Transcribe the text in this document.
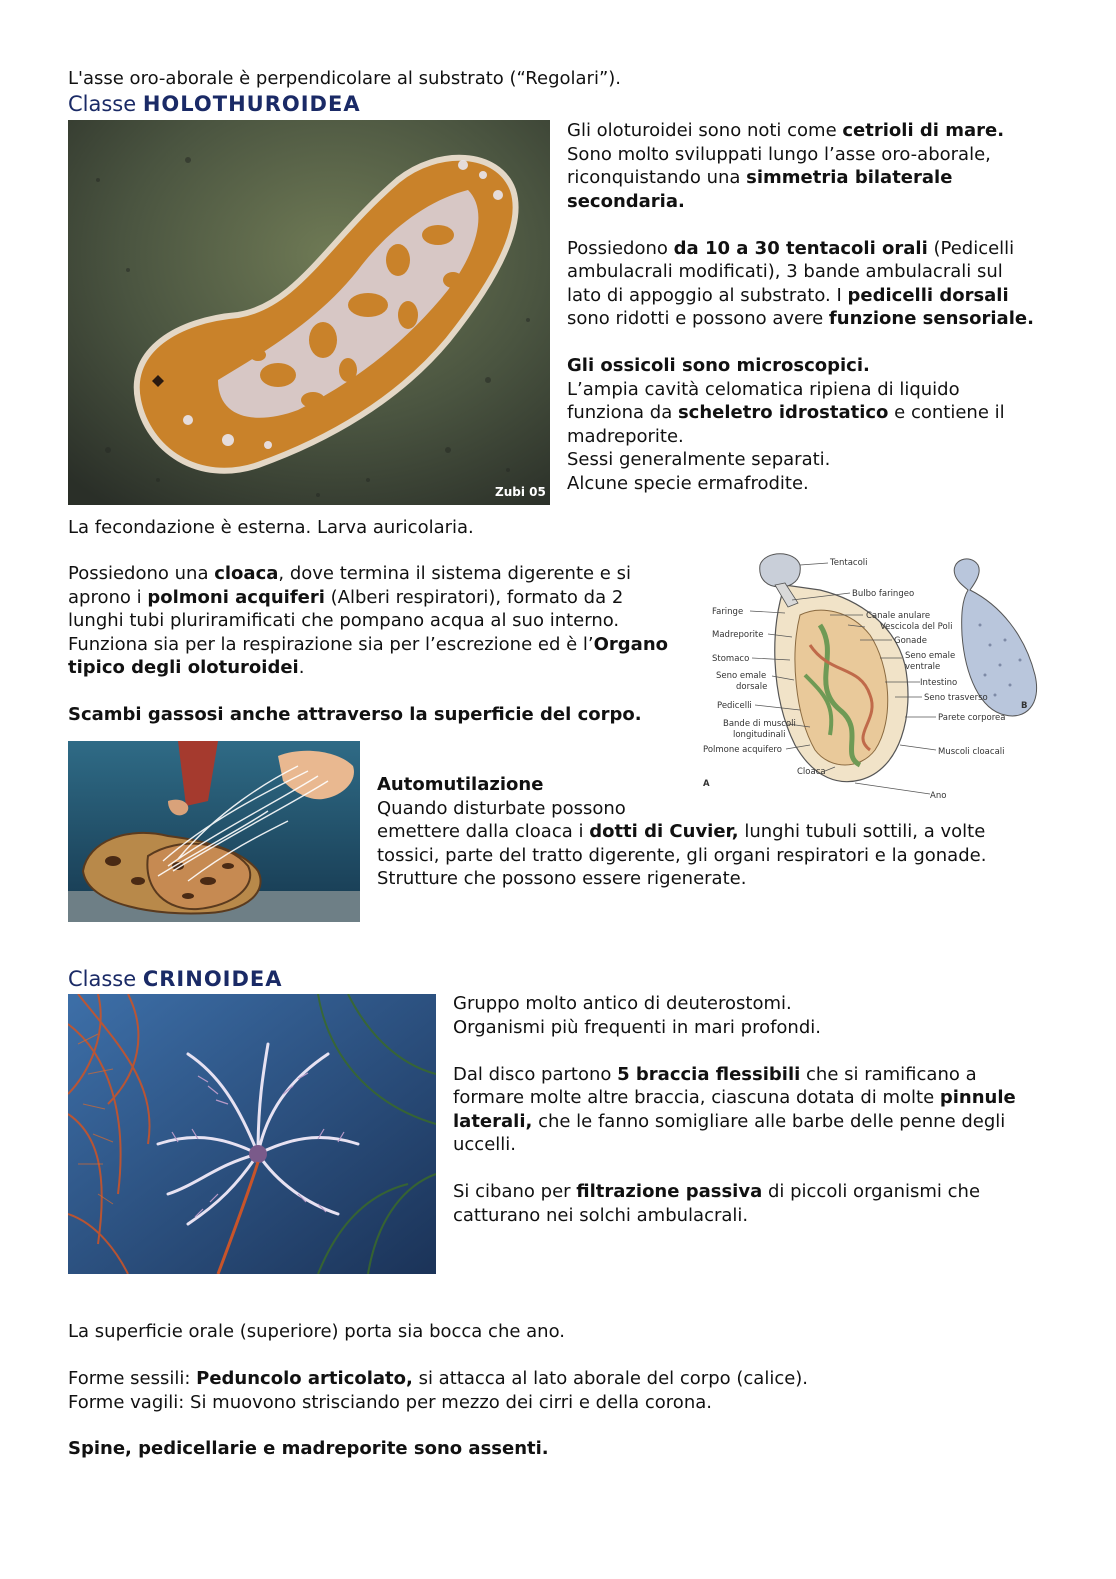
L'asse oro-aborale è perpendicolare al substrato (“Regolari”).

Classe HOLOTHUROIDEA
Zubi 05

Gli oloturoidei sono noti come cetrioli di mare. Sono molto sviluppati lungo l’asse oro-aborale, riconquistando una simmetria bilaterale secondaria.

Possiedono da 10 a 30 tentacoli orali (Pedicelli ambulacrali modificati), 3 bande ambulacrali sul lato di appoggio al substrato. I pedicelli dorsali sono ridotti e possono avere funzione sensoriale.

Gli ossicoli sono microscopici.
L’ampia cavità celomatica ripiena di liquido funziona da scheletro idrostatico e contiene il madreporite.
Sessi generalmente separati.
Alcune specie ermafrodite.

La fecondazione è esterna. Larva auricolaria.

Possiedono una cloaca, dove termina il sistema digerente e si aprono i polmoni acquiferi (Alberi respiratori), formato da 2 lunghi tubi pluriramificati che pompano acqua al suo interno. Funziona sia per la respirazione sia per l’escrezione ed è l’Organo tipico degli oloturoidei.

Scambi gassosi anche attraverso la superficie del corpo.

Tentacoli
Bulbo faringeo
Faringe	Canale anulare
Vescicola del Poli
Madreporite
Gonade
Stomaco	Seno emale
ventrale
Seno emale
dorsale	Intestino
Seno trasverso
Pedicelli
Parete corporea
Bande di muscoli
longitudinali
Polmone acquifero	Muscoli cloacali
Cloaca
Ano
A
B

Automutilazione
Quando disturbate possono
emettere dalla cloaca i dotti di Cuvier, lunghi tubuli sottili, a volte tossici, parte del tratto digerente, gli organi respiratori e la gonade. Strutture che possono essere rigenerate.

Classe CRINOIDEA

Gruppo molto antico di deuterostomi.
Organismi più frequenti in mari profondi.

Dal disco partono 5 braccia flessibili che si ramificano a formare molte altre braccia, ciascuna dotata di molte pinnule laterali, che le fanno somigliare alle barbe delle penne degli uccelli.

Si cibano per filtrazione passiva di piccoli organismi che catturano nei solchi ambulacrali.

La superficie orale (superiore) porta sia bocca che ano.

Forme sessili: Peduncolo articolato, si attacca al lato aborale del corpo (calice).
Forme vagili: Si muovono strisciando per mezzo dei cirri e della corona.

Spine, pedicellarie e madreporite sono assenti.
